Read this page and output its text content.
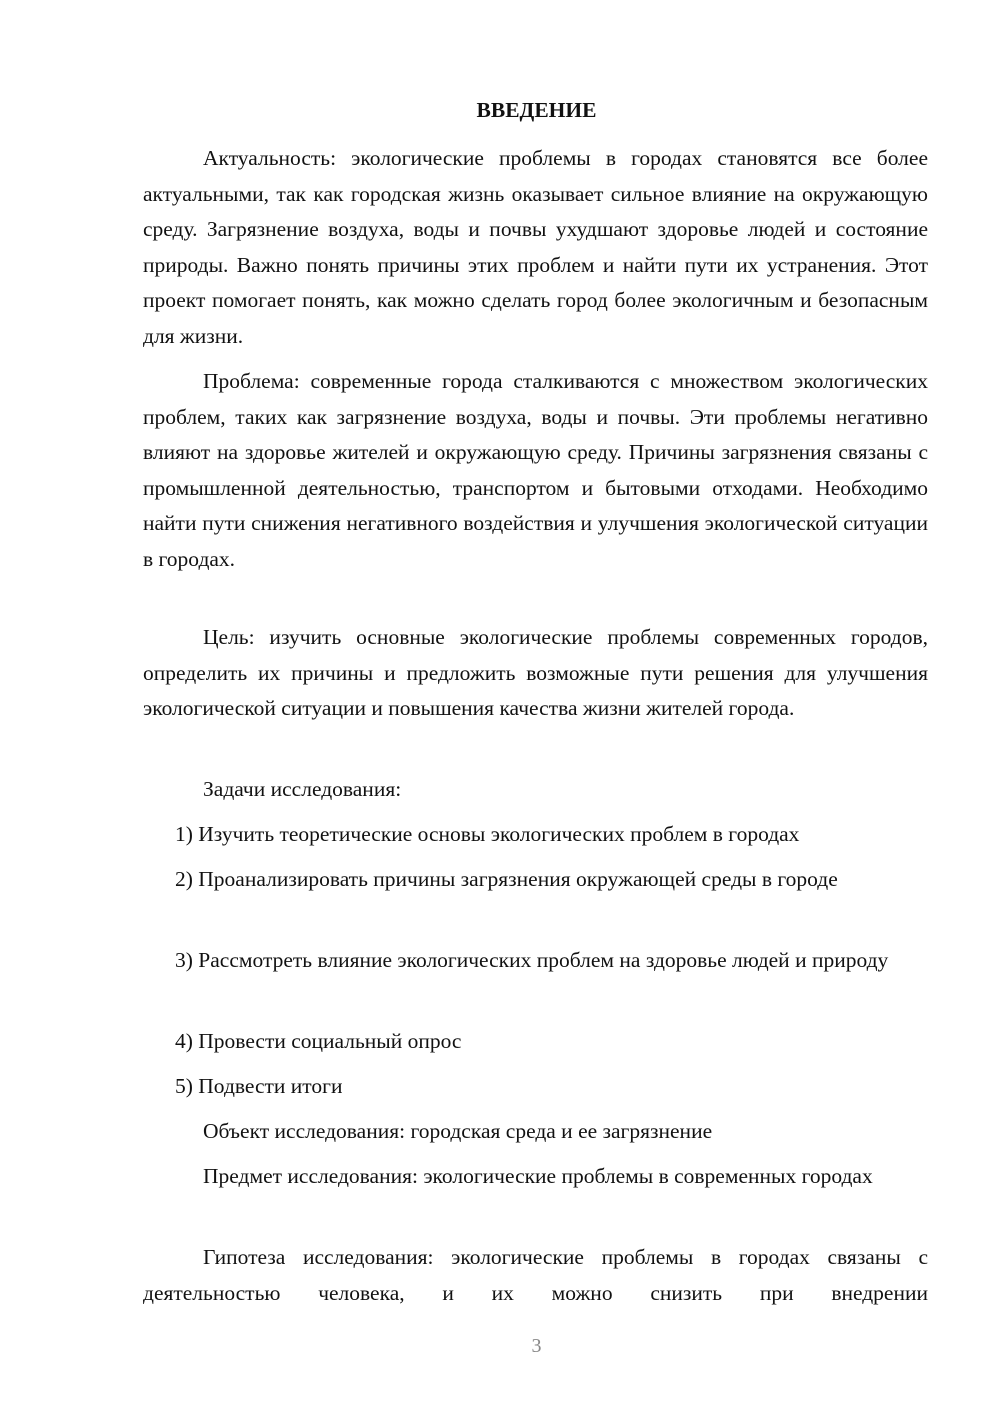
ВВЕДЕНИЕ

Актуальность: экологические проблемы в городах становятся все более актуальными, так как городская жизнь оказывает сильное влияние на окружающую среду. Загрязнение воздуха, воды и почвы ухудшают здоровье людей и состояние природы. Важно понять причины этих проблем и найти пути их устранения. Этот проект помогает понять, как можно сделать город более экологичным и безопасным для жизни.

Проблема: современные города сталкиваются с множеством экологических проблем, таких как загрязнение воздуха, воды и почвы. Эти проблемы негативно влияют на здоровье жителей и окружающую среду. Причины загрязнения связаны с промышленной деятельностью, транспортом и бытовыми отходами. Необходимо найти пути снижения негативного воздействия и улучшения экологической ситуации в городах.

Цель: изучить основные экологические проблемы современных городов, определить их причины и предложить возможные пути решения для улучшения экологической ситуации и повышения качества жизни жителей города.

Задачи исследования:

1) Изучить теоретические основы экологических проблем в городах

2) Проанализировать причины загрязнения окружающей среды в городе

3) Рассмотреть влияние экологических проблем на здоровье людей и природу

4) Провести социальный опрос

5) Подвести итоги

Объект исследования: городская среда и ее загрязнение

Предмет исследования: экологические проблемы в современных городах

Гипотеза исследования: экологические проблемы в городах связаны с деятельностью человека, и их можно снизить при внедрении

3
